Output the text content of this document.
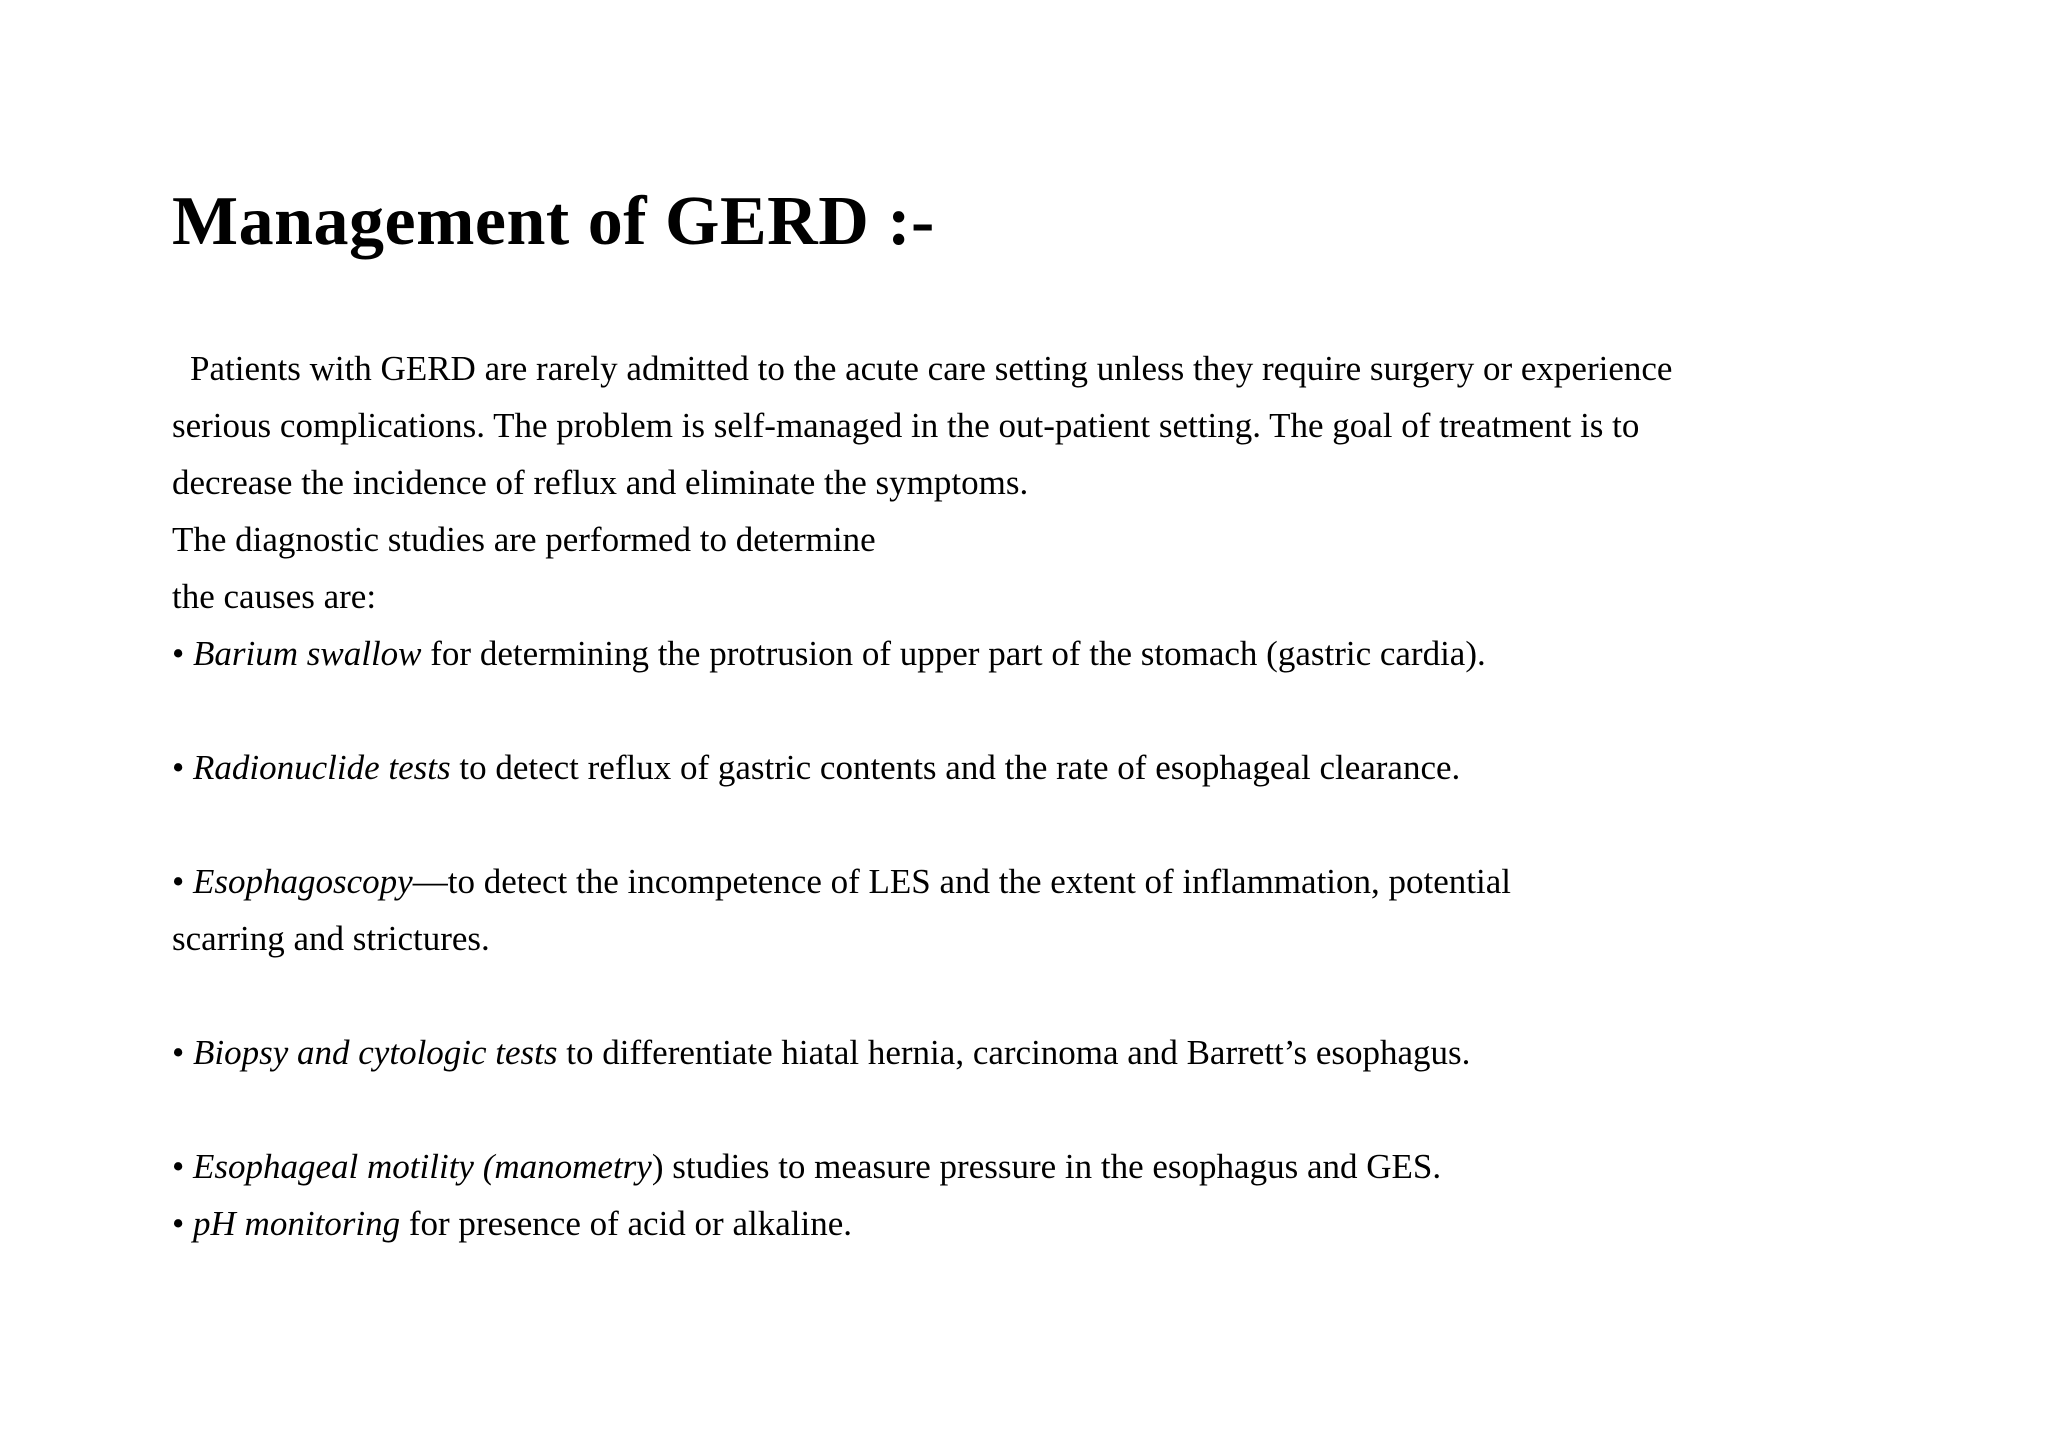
Management of GERD :-
Patients with GERD are rarely admitted to the acute care setting unless they require surgery or experience
serious complications. The problem is self-managed in the out-patient setting. The goal of treatment is to
decrease the incidence of reflux and eliminate the symptoms.
The diagnostic studies are performed to determine
the causes are:
• Barium swallow for determining the protrusion of upper part of the stomach (gastric cardia).
• Radionuclide tests to detect reflux of gastric contents and the rate of esophageal clearance.
• Esophagoscopy—to detect the incompetence of LES and the extent of inflammation, potential
scarring and strictures.
• Biopsy and cytologic tests to differentiate hiatal hernia, carcinoma and Barrett’s esophagus.
• Esophageal motility (manometry) studies to measure pressure in the esophagus and GES.
• pH monitoring for presence of acid or alkaline.
